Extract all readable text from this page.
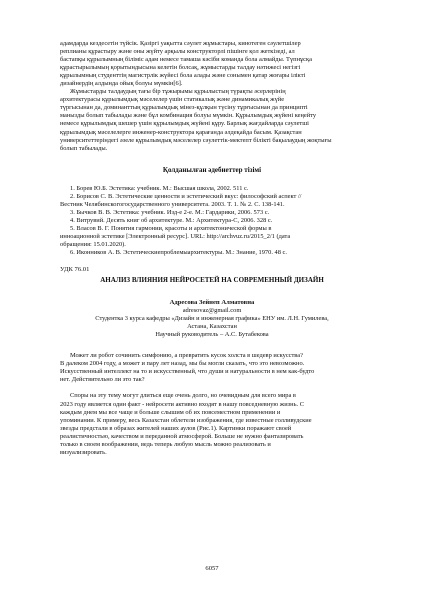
адамдарда кездесетін түйсік. Қазіргі уақытта сәулет жұмыстары, кинотеген сәулетшілер
реплианы құрастыру және оны жүйту арқылы конструкторлі пішінге қол жеткізеді, ал
бастапқы құрылымның біліміс адам немесе тамаша кәсіби команда бола алмайды. Түпнұсқа
құрастырылымың қорытындысына келетін болсақ, жұмыстарды талдау нәтижесі негізгі
құрылымның студенттің магистрлік жүйесі бола алады және сонымен қатар жоғары ілікті
дизайнердің алдында ойық болуы мүмкін[6].

Жұмыстарды талдаудың тағы бір тұжырымы құрылыстың түрақты әсерлерінің
архитектурасы құрылымдық мәселелер үшін статикалық және динамикалық жүйе
түргысынан да, доминанттың құрылымдық мінез-құлқын түсіну тұрғысынан да принципті
манызды болып табылады және бұл комбинация болуы мүмкін. Құрылымдық жүйені кеңейту
немесе құрылымдық шешер үшін құрылымдық жүйені құру. Барлық жағдайларда сәулетші
құрылымдық мәселелерге инженер-конструктора қарағанда әлдеқайда басым. Қазақстан
университеттеріндегі әзеле құрылымдық мәселелер сәулеттік-мектепт білікті бақылаудың жоқтығы
болып табылады.

Қолданылған әдебиеттер тізімі

1. Борев Ю.Б. Эстетика: учебник. М.: Высшая школа, 2002. 511 с.

2. Борисов С. В. Эстетические ценности и эстетический вкус: философский аспект //
Вестник Челябинскогогосударственного университета. 2003. Т. 1. № 2. С. 138-141.

3. Бычков В. В. Эстетика: учебник. Изд-е 2-е. М.: Гардарики, 2006. 573 с.

4. Витрувий. Десять книг об архитектуре. М.: Архитектура-С, 2006. 328 с.

5. Власов В. Г. Понятия гармонии, красоты и архитектонической формы в
инноационной эстетике [Электронный ресурс]. URL: http://archvuz.ru/2015_2/1 (дата
обращения: 15.01.2020).

6. Иконников А. В. Эстетическиепроблемыархитектуры. М.: Знание, 1970. 48 с.

УДК 76.01

АНАЛИЗ ВЛИЯНИЯ НЕЙРОСЕТЕЙ НА СОВРЕМЕННЫЙ ДИЗАЙН

Адресова Зейнеп Алматовна

adresovaz@gmail.com

Студентка 3 курса кафедры «Дизайн и инженерная графика» ЕНУ им. Л.Н. Гумилева,
Астана, Казахстан

Научный руководитель – А.С. Бутабекова

Может ли робот сочинить симфонию, а превратить кусок холста в шедевр искусства?
В далеком 2004 году, а может и пару лет назад, мы бы могли сказать, что это невозможно.
Искусственный интеллект на то и искусственный, что души и натуральности в нем как-будто
нет. Действительно ли это так?

Споры на эту тему могут длиться еще очень долго, но очевидным для всего мира в
2023 году является один факт - нейросети активно входят в нашу повседневную жизнь. С
каждым днем мы все чаще и больше слышим об их повсеместном применении и
упоминании. К примеру, весь Казахстан облетели изображения, где известные голливудские
звезды предстали в образах жителей наших аулов (Рис.1). Картинки поражают своей
реалистичностью, качеством и переданной атмосферой. Больше не нужно фантазировать
только в своем воображении, ведь теперь любую мысль можно реализовать и
визуализировать.

6057
